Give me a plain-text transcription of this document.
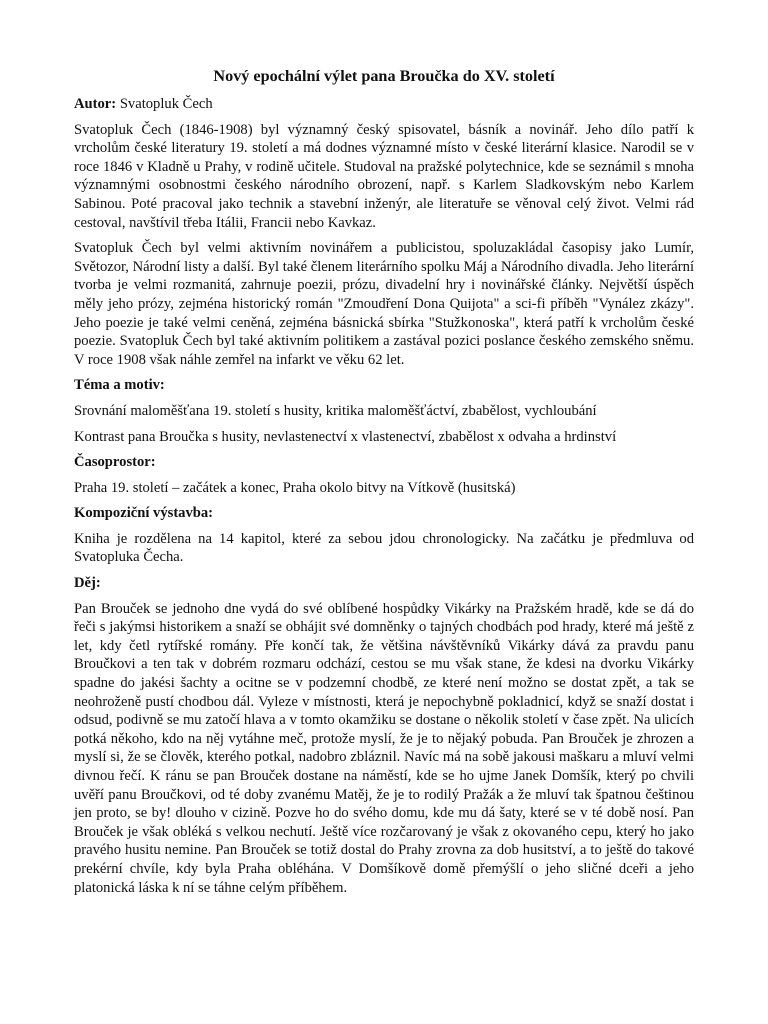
Nový epochální výlet pana Broučka do XV. století
Autor: Svatopluk Čech

Svatopluk Čech (1846-1908) byl významný český spisovatel, básník a novinář. Jeho dílo patří k vrcholům české literatury 19. století a má dodnes významné místo v české literární klasice. Narodil se v roce 1846 v Kladně u Prahy, v rodině učitele. Studoval na pražské polytechnice, kde se seznámil s mnoha významnými osobnostmi českého národního obrození, např. s Karlem Sladkovským nebo Karlem Sabinou. Poté pracoval jako technik a stavební inženýr, ale literatuře se věnoval celý život. Velmi rád cestoval, navštívil třeba Itálii, Francii nebo Kavkaz.

Svatopluk Čech byl velmi aktivním novinářem a publicistou, spoluzakládal časopisy jako Lumír, Světozor, Národní listy a další. Byl také členem literárního spolku Máj a Národního divadla. Jeho literární tvorba je velmi rozmanitá, zahrnuje poezii, prózu, divadelní hry i novinářské články. Největší úspěch měly jeho prózy, zejména historický román "Zmoudření Dona Quijota" a sci-fi příběh "Vynález zkázy". Jeho poezie je také velmi ceněná, zejména básnická sbírka "Stužkonoska", která patří k vrcholům české poezie. Svatopluk Čech byl také aktivním politikem a zastával pozici poslance českého zemského sněmu. V roce 1908 však náhle zemřel na infarkt ve věku 62 let.

Téma a motiv:

Srovnání maloměšťana 19. století s husity, kritika maloměšťáctví, zbabělost, vychloubání

Kontrast pana Broučka s husity, nevlastenectví x vlastenectví, zbabělost x odvaha a hrdinství

Časoprostor:

Praha 19. století – začátek a konec, Praha okolo bitvy na Vítkově (husitská)

Kompoziční výstavba:

Kniha je rozdělena na 14 kapitol, které za sebou jdou chronologicky. Na začátku je předmluva od Svatopluka Čecha.

Děj:

Pan Brouček se jednoho dne vydá do své oblíbené hospůdky Vikárky na Pražském hradě, kde se dá do řeči s jakýmsi historikem a snaží se obhájit své domněnky o tajných chodbách pod hrady, které má ještě z let, kdy četl rytířské romány. Pře končí tak, že většina návštěvníků Vikárky dává za pravdu panu Broučkovi a ten tak v dobrém rozmaru odchází, cestou se mu však stane, že kdesi na dvorku Vikárky spadne do jakési šachty a ocitne se v podzemní chodbě, ze které není možno se dostat zpět, a tak se neohroženě pustí chodbou dál. Vyleze v místnosti, která je nepochybně pokladnicí, když se snaží dostat i odsud, podivně se mu zatočí hlava a v tomto okamžiku se dostane o několik století v čase zpět. Na ulicích potká někoho, kdo na něj vytáhne meč, protože myslí, že je to nějaký pobuda. Pan Brouček je zhrozen a myslí si, že se člověk, kterého potkal, nadobro zbláznil. Navíc má na sobě jakousi maškaru a mluví velmi divnou řečí. K ránu se pan Brouček dostane na náměstí, kde se ho ujme Janek Domšík, který po chvili uvěří panu Broučkovi, od té doby zvanému Matěj, že je to rodilý Pražák a že mluví tak špatnou češtinou jen proto, se by! dlouho v cizině. Pozve ho do svého domu, kde mu dá šaty, které se v té době nosí. Pan Brouček je však obléká s velkou nechutí. Ještě více rozčarovaný je však z okovaného cepu, který ho jako pravého husitu nemine. Pan Brouček se totiž dostal do Prahy zrovna za dob husitství, a to ještě do takové prekérní chvíle, kdy byla Praha obléhána. V Domšíkově domě přemýšlí o jeho sličné dceři a jeho platonická láska k ní se táhne celým příběhem.
